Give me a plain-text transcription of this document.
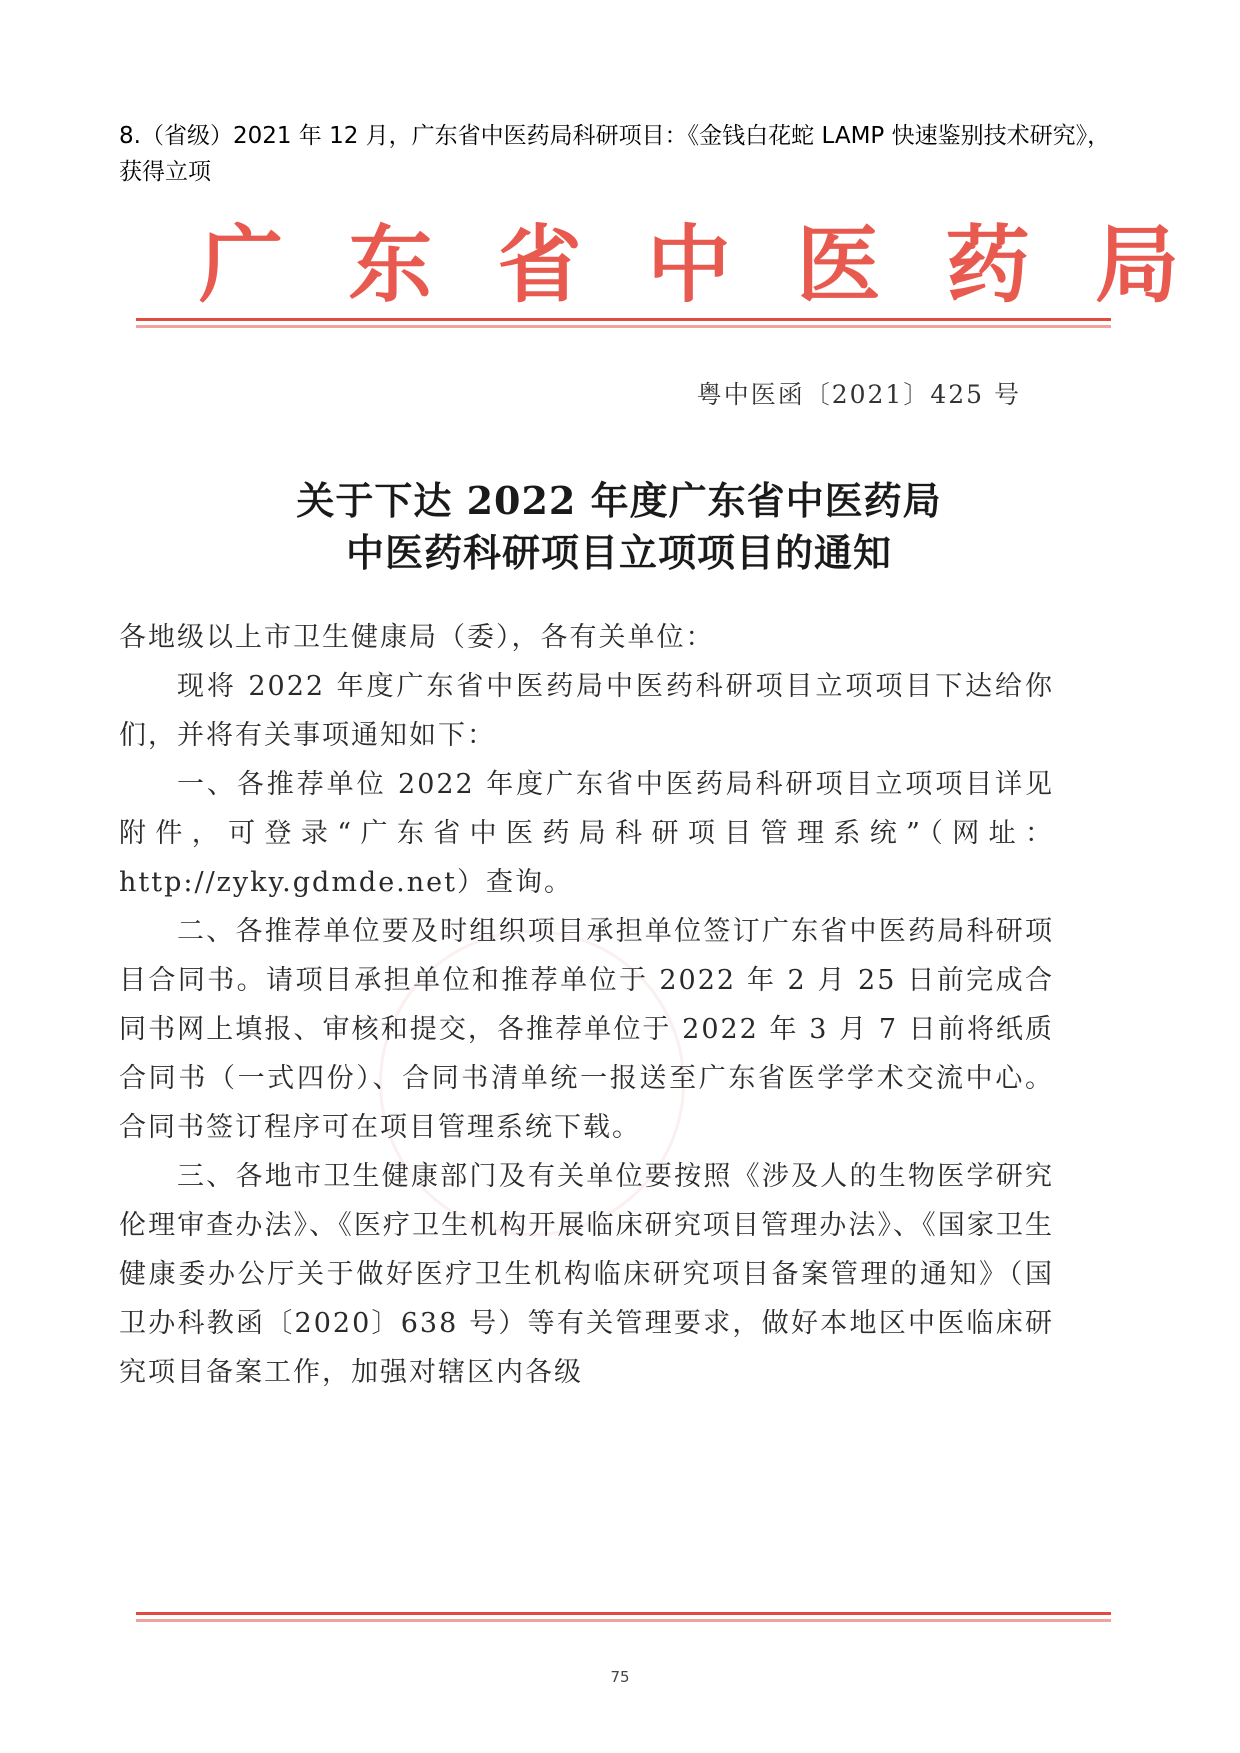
8.（省级）2021 年 12 月，广东省中医药局科研项目：《金钱白花蛇 LAMP 快速鉴别技术研究》，获得立项
广 东 省 中 医 药 局
粤中医函〔2021〕425 号
关于下达 2022 年度广东省中医药局
中医药科研项目立项项目的通知

各地级以上市卫生健康局（委），各有关单位：

现将 2022 年度广东省中医药局中医药科研项目立项项目下达给你们，并将有关事项通知如下：

一、各推荐单位 2022 年度广东省中医药局科研项目立项项目详见附件，可登录“广东省中医药局科研项目管理系统”（网址：http://zyky.gdmde.net）查询。

二、各推荐单位要及时组织项目承担单位签订广东省中医药局科研项目合同书。请项目承担单位和推荐单位于 2022 年 2 月 25 日前完成合同书网上填报、审核和提交，各推荐单位于 2022 年 3 月 7 日前将纸质合同书（一式四份）、合同书清单统一报送至广东省医学学术交流中心。合同书签订程序可在项目管理系统下载。

三、各地市卫生健康部门及有关单位要按照《涉及人的生物医学研究伦理审查办法》、《医疗卫生机构开展临床研究项目管理办法》、《国家卫生健康委办公厅关于做好医疗卫生机构临床研究项目备案管理的通知》（国卫办科教函〔2020〕638 号）等有关管理要求，做好本地区中医临床研究项目备案工作，加强对辖区内各级

75
